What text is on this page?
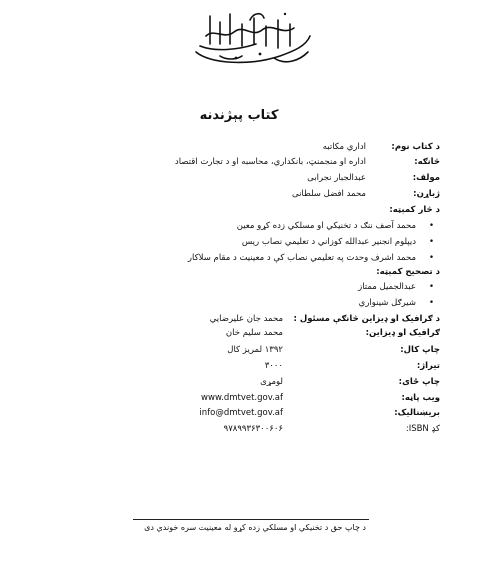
کتاب پېژندنه
د کتاب نوم:
اداري مکاتبه
څانګه:
اداره او منجمنټ، بانکداري، محاسبه او د تجارت اقتصاد
مولف:
عبدالجبار نجرابی
ژباړن:
محمد افضل سلطانی
د څار کمېټه:
• محمد آصف ننګ د تخنيکي او مسلکي زده کړو معين
• ديپلوم انجنير عبدالله کوزاني د تعليمي نصاب ريس
• محمد اشرف وحدت په تعليمي نصاب کې د معينيت د مقام سلاکار
د تصحيح کمېټه:
• عبدالجميل ممتاز
• شيرګل شينواري
د ګرافيک او ډيزاين څانګې مسئول :
محمد جان عليرضايي
ګرافيک او ډيزاين:
محمد سليم خان
چاپ کال:
۱۳۹۲ لمريز کال
تيراژ:
۳۰۰۰
چاپ ځای:
لومړی
ويب پاڼه:
www.dmtvet.gov.af
بريښناليک:
info@dmtvet.gov.af
کډ ISBN:
۹۷۸۹۹۳۶۳۰۰۶۰۶
د چاپ حق د تخنيکي او مسلکي زده کړو له معينيت سره خوندي دی
